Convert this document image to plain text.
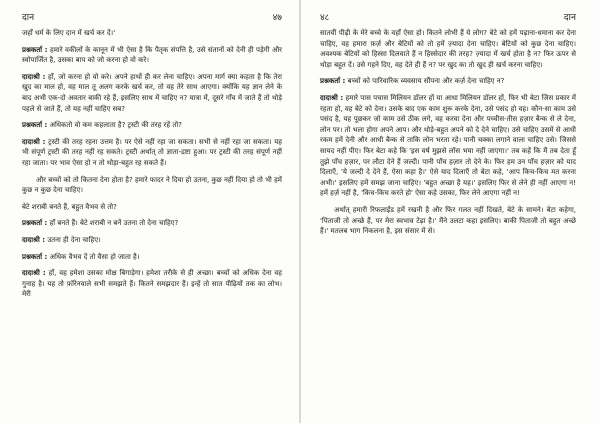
दान	४७

जहाँ धर्म के लिए दान में खर्च कर दें।'

प्रश्नकर्ता : हमारे वकीलों के कानून में भी ऐसा है कि पैतृक संपत्ति है, उसे संतानों को देनी ही पड़ेगी और स्वोपार्जित है, उसका बाप को जो करना हो वो करे।

दादाश्री : हाँ, जो करना हो वो करे। अपने हाथों ही कर लेना चाहिए। अपना मार्ग क्या कहता है कि तेरा खुद का माल हो, वह माल तू अलग करके खर्च कर, तो वह तेरे साथ आएगा। क्योंकि यह ज्ञान लेने के बाद अभी एक-दो अवतार बाकी रहे हैं, इसलिए साथ में चाहिए न? यात्रा में, दूसरे गाँव में जाते हैं तो थोड़े पहले से जाते हैं, तो यह नहीं चाहिए सब?

प्रश्नकर्ता : अधिकतो वो कम कहलाता है? ट्रस्टी की तरह रहें तो?

दादाश्री : ट्रस्टी की तरह रहना उत्तम है। पर ऐसे नहीं रहा जा सकता। सभी से नहीं रहा जा सकता। यह भी संपूर्ण ट्रस्टी की तरह नहीं रह सकते। ट्रस्टी अर्थात् तो ज्ञाता-द्रष्टा हुआ। पर ट्रस्टी की तरह संपूर्ण नहीं रहा जाता। पर भाव ऐसा हो न तो थोड़ा-बहुत रह सकते हैं।

और बच्चों को तो कितना देना होता है? हमारे फादर ने दिया हो उतना, कुछ नहीं दिया हो तो भी हमें कुछ न कुछ देना चाहिए।

बेटे शराबी बनते हैं, बहुत वैभव से तो?

प्रश्नकर्ता : हाँ बनते हैं। बेटे शराबी न बनें उतना तो देना चाहिए?

दादाश्री : उतना ही देना चाहिए।

प्रश्नकर्ता : अधिक वैभव दें तो वैसा हो जाता है।

दादाश्री : हाँ, वह हमेशा उसका मोक्ष बिगाड़ेगा। हमेशा तरीके से ही अच्छा। बच्चों को अधिक देना वह गुनाह है। यह तो फ़ॉरेनवाले सभी समझते हैं। कितने समझदार हैं। इन्हें तो सात पीढ़ियों तक का लोभ। मेरी

४८	दान

सातवीं पीढ़ी के मेरे बच्चे के वहाँ ऐसा हो। कितने लोभी हैं ये लोग? बेटे को हमें पढ़ाना-धमाना कर देना चाहिए, वह हमारा फ़र्ज़ और बेटियों को तो हमें ज़्यादा देना चाहिए। बेटियों को कुछ देना चाहिए। अवश्यक बेटियों को हिस्सा दिलवाते हैं न हिस्सेदार की तरह? ज़्यादा में खर्च होता है न? फिर ऊपर से थोड़ा बहुत दें। उसे गहने दिए, वह देते ही हैं न? पर खुद का तो खुद ही खर्च करना चाहिए।

प्रश्नकर्ता : बच्चों को पारिवारिक व्यवसाय सौंपना और कर्ज़ देना चाहिए न?

दादाश्री : हमारे पास पचास मिलियन डॉलर हों या आधा मिलियन डॉलर हों, फिर भी बेटा जिस प्रकार में रहता हो, वह बेटे को देना। उसके बाद एक काम शुरू करके देना, उसे पसंद हो वह। कौन-सा काम उसे पसंद है, यह पूछकर जो काम उसे ठीक लगे, वह करवा देना और पच्चीस-तीस हज़ार बैन्क से ले देना, लोन पर। तो भला होगा अपने आप। और थोड़े-बहुत अपने को दे देने चाहिए। उसे चाहिए उसमें से आधी रकम हमें देनी और आधी बैन्क से ताकि लोन भरता रहे। पानी चक्का लगाने वाला चाहिए उसे। जिससे सायद नहीं पीए। फिर बेटा कहे कि 'इस वर्ष मुझसे लॉस भया नहीं जाएगा।' तब कहें कि मैं तब देता हूँ तुझे पाँच हज़ार, पर लौटा देने हैं जल्दी। पानी पाँच हज़ार तो देने के। फिर हम उन पाँच हज़ार को याद दिलाएँ, 'ये जल्दी दे देने हैं, ऐसा कहा है।' ऐसे याद दिलाएँ तो बेटा कहे, 'आप किच-किच मत करना अभी।' इसलिए हमें समझ जाना चाहिए। 'बहुत अच्छा है यह।' इसलिए फिर से लेने ही नहीं आएगा न! हमें हर्ज़ नहीं है, 'किच-किच करते हो' ऐसा कहे उसका, फिर लेने आएगा नहीं न!

अर्थात् हमारी रिफलाईंड हमें रखनी है और फिर गलत नहीं दिखते, बेटे के सामने। बेटा कहेगा, 'पिताजी तो अच्छे हैं, पर मेरा स्वभाव टेढ़ा है।' मैंने उलटा कहा इसलिए। बाकी पिताजी तो बहुत अच्छे हैं।' मतलब भाग निकलना है, इस संसार में से।
